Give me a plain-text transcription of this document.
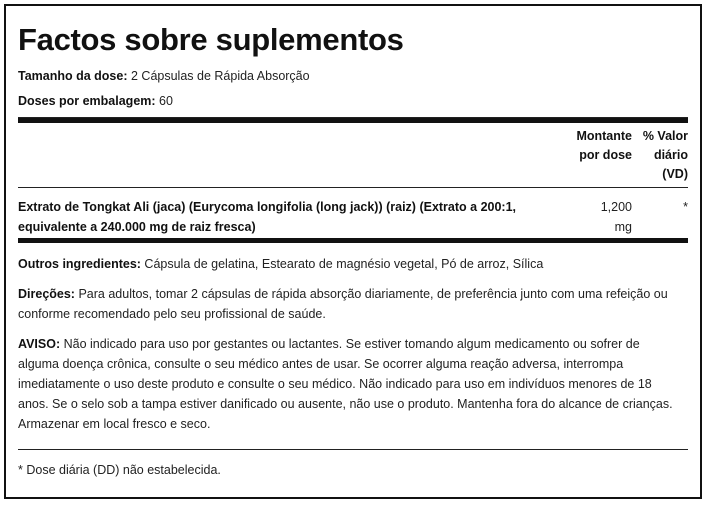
Factos sobre suplementos
Tamanho da dose: 2 Cápsulas de Rápida Absorção
Doses por embalagem: 60
Montante
por dose
% Valor
diário
(VD)
Extrato de Tongkat Ali (jaca) (Eurycoma longifolia (long jack)) (raiz) (Extrato a 200:1,
equivalente a 240.000 mg de raiz fresca)
1,200
mg
*

Outros ingredientes: Cápsula de gelatina, Estearato de magnésio vegetal, Pó de arroz, Sílica

Direções: Para adultos, tomar 2 cápsulas de rápida absorção diariamente, de preferência junto com uma refeição ou
conforme recomendado pelo seu profissional de saúde.

AVISO: Não indicado para uso por gestantes ou lactantes. Se estiver tomando algum medicamento ou sofrer de
alguma doença crônica, consulte o seu médico antes de usar. Se ocorrer alguma reação adversa, interrompa
imediatamente o uso deste produto e consulte o seu médico. Não indicado para uso em indivíduos menores de 18
anos. Se o selo sob a tampa estiver danificado ou ausente, não use o produto. Mantenha fora do alcance de crianças.
Armazenar em local fresco e seco.

* Dose diária (DD) não estabelecida.
